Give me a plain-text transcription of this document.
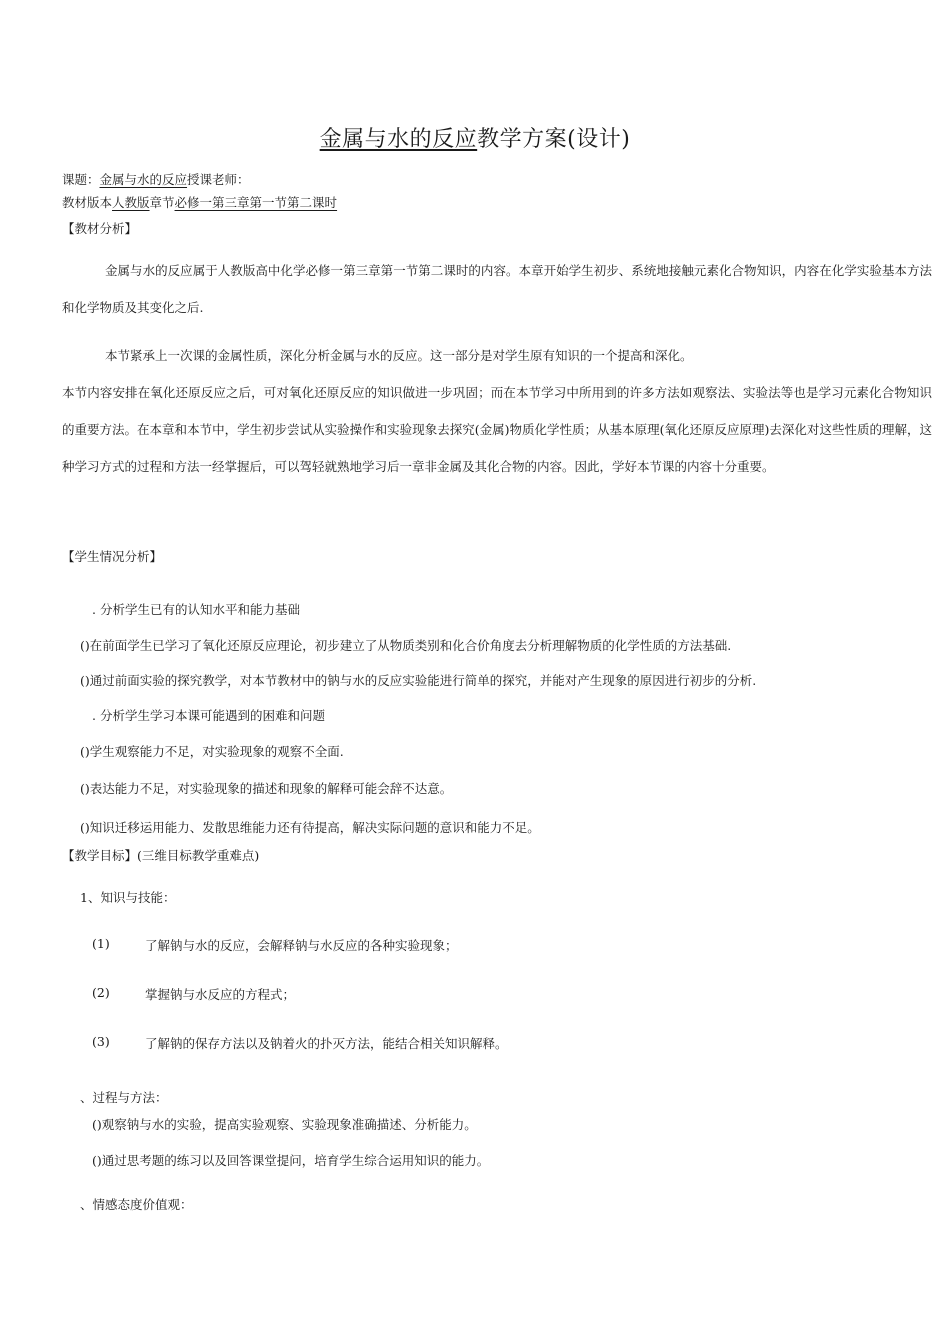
金属与水的反应教学方案(设计)
课题：金属与水的反应授课老师：
教材版本人教版章节必修一第三章第一节第二课时
【教材分析】
金属与水的反应属于人教版高中化学必修一第三章第一节第二课时的内容。本章开始学生初步、系统地接触元素化合物知识，内容在化学实验基本方法和化学物质及其变化之后.
本节紧承上一次课的金属性质，深化分析金属与水的反应。这一部分是对学生原有知识的一个提高和深化。
本节内容安排在氧化还原反应之后，可对氧化还原反应的知识做进一步巩固；而在本节学习中所用到的许多方法如观察法、实验法等也是学习元素化合物知识的重要方法。在本章和本节中，学生初步尝试从实验操作和实验现象去探究(金属)物质化学性质；从基本原理(氧化还原反应原理)去深化对这些性质的理解，这种学习方式的过程和方法一经掌握后，可以驾轻就熟地学习后一章非金属及其化合物的内容。因此，学好本节课的内容十分重要。
【学生情况分析】
. 分析学生已有的认知水平和能力基础
()在前面学生已学习了氧化还原反应理论，初步建立了从物质类别和化合价角度去分析理解物质的化学性质的方法基础.
()通过前面实验的探究教学，对本节教材中的钠与水的反应实验能进行简单的探究，并能对产生现象的原因进行初步的分析.
. 分析学生学习本课可能遇到的困难和问题
()学生观察能力不足，对实验现象的观察不全面.
()表达能力不足，对实验现象的描述和现象的解释可能会辞不达意。
()知识迁移运用能力、发散思维能力还有待提高，解决实际问题的意识和能力不足。
【教学目标】(三维目标教学重难点)
1、知识与技能：
(1)	了解钠与水的反应，会解释钠与水反应的各种实验现象；
(2)	掌握钠与水反应的方程式；
(3)	了解钠的保存方法以及钠着火的扑灭方法，能结合相关知识解释。
、过程与方法：
()观察钠与水的实验，提高实验观察、实验现象准确描述、分析能力。
()通过思考题的练习以及回答课堂提问，培育学生综合运用知识的能力。
、情感态度价值观：
